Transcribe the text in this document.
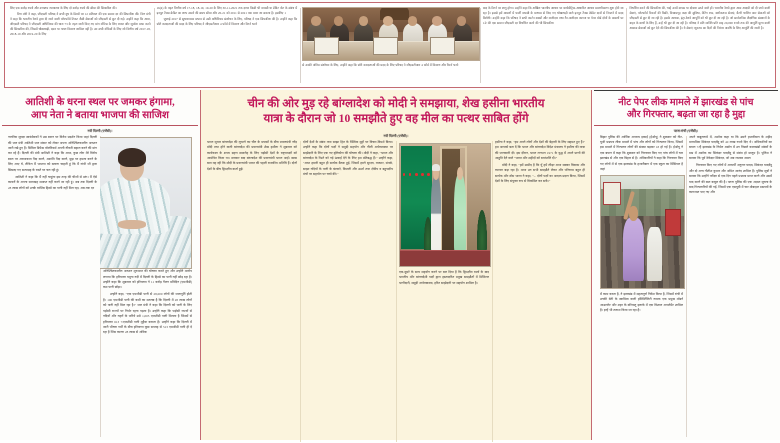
लिए एक करोड़ रुपये और उच्चतम न्यायालय के लिए दो करोड़ रुपये की सीमा की सिफारिश की।

वित्त मंत्री ने कहा, जीएसटी परिषद ने सभी दूध के डिब्बों पर 12 प्रतिशत की एक समान दर की सिफारिश की। वित्त मंत्री ने कहा कि भारतीय रेलवे द्वारा दी जाने वाली प्लेटफॉर्म टिकट जैसी सेवाओं को जीएसटी से छूट दी गई। उन्होंने कहा कि आज, जीएसटी परिषद ने जीएसटी अधिनियम की धारा 73 के तहत जारी किए गए मांग नोटिस के लिए ब्याज और जुर्माना माफ करने की सिफारिश की, जिसमें धोखाधड़ी, दमन या गलत विवरण शामिल नहीं है। उन सभी नोटिसों के लिए जो वित्तीय वर्ष 2017-18, 2018-19 और 2019-20 के लिए

16(4) के तहत वित्तीय वर्ष 17-18, 18-19, 19-20 के लिए 30-11-2021 तक दायर किसी भी वापसी या डेबिट नोट के संबंध में इनपुट टैक्स क्रेडिट का लाभ उठाने की समय सीमा और 20-21 को 2011 से 2021 तक माना जा सकता है। इसलिए 1

जुलाई 2017 से सुधारात्मक प्रभाव से उसी अधिनियम संशोधन के लिए, परिषद ने एक सिफारिश की है। उन्होंने कहा कि छोटे करदाताओं की मदद के लिए परिषद ने जीएसटीआर 4 फॉर्म में विवरण और रिटर्न भरने

से उनकी अंतिम संशोधन के लिए, उन्होंने कहा कि छोटे करदाताओं की मदद के लिए परिषद ने जीएसटीआर 4 फॉर्म में विवरण और रिटर्न भरने

बाद के रिटर्न पर लागू होगा। उन्होंने कहा कि अखिल भारतीय आधार पर बायोमेट्रिक-आधारित आधार प्रमाणीकरण शुरू होने जा रहा है। इससे हमें मामलों में फर्जी वापसी के माध्यम से किए गए धोखाधड़ी वाले इनपुट टैक्स क्रेडिट दावों से निपटने में मदद मिलेगी। उन्होंने कहा कि परिषद ने सभी कार्टन बक्सों और नालीदार तथा गैर-नालीदार कागज या पेपर बोर्ड दोनों के मामलों पर 12ः की एक समान जीएसटी दर निर्धारित करने की भी सिफारिश

निर्धारित करने की सिफारिश की, चाहे उनमें वापस या दोबारा उठने वाले हों। भारतीय रेलवे द्वारा आम आदमी को दी जाने वाली सेवाएं, प्लेटफॉर्म टिकटों की बिक्री, विश्रामगृह कक्ष की सुविधा, वेटिंग रूम, क्लॉकरूम सेवाएं, बैटरी चालित कार सेवाओं को जीएसटी से छूट दी जा रही है। इसके अलावा, इंट्रा-रेलवे आपूर्ति को भी छूट दी जा रही है। जो सार्वजनिक शैक्षणिक संस्थानों के बाहर के छात्रों के लिए हैं, उन्हें भी छूट दी जा रही है। परिषद ने प्रति व्यक्ति प्रति माह 20,000 रुपये तक की आपूर्ति मूल्य वाली आवास सेवाओं को छूट देने की सिफारिश की है। ये सेवाएं न्यूनतम 90 दिनों की निरंतर अवधि के लिए आपूर्ति की जानी है।

आतिशी के धरना स्थल पर जमकर हंगामा,
आप नेता ने बताया भाजपा की साजिश
नयी दिल्ली (एजेंसी)।

नागरिक सुरक्षा स्वयंसेवकों ने उस स्थान पर विरोध प्रदर्शन किया जहां दिल्ली की जल मंत्री आतिशी जल संकट को लेकर अपना अनिश्चितकालीन अनशन जारी रखे हुए हैं। सिविल डिफेंस वॉलंटियर्स अपनी नौकरी बहाल करने की मांग कर रहे हैं। दिल्ली की मंत्री आतिशी ने कहा कि आज, कुछ लोग मेरे विरोध स्थल पर अराजकता पैदा करने, अशांति पैदा करने, मुझ पर हमला करने के लिए आए थे, लेकिन मैं भाजपा को बताना चाहती हूं कि मैं गांधी जी द्वारा सिखाए गए सत्याग्रह के रास्ते पर चल रही हूं।

आतिशी ने कहा कि मैं नहीं चाहूंगा इस तरह की चीजों से डरूं। मैं ऐसे कायरों के अपना सत्याग्रह समाप्त नहीं करने जा रही हूं। अब तक दिल्ली के 28 लाख लोगों को उनके वाजिब हिस्से का पानी नहीं मिल रहा, अब तक दर

अनिश्चितकालीन अनशन शुरुआत की घोषणा करते हुए और उन्होंने आरोप लगाया कि हरियाणा यमुना नदी में दिल्ली के हिस्से का पानी नहीं छोड़ रहा है। उन्होंने कहा कि शुक्रवार को हरियाणा ने 11 करोड़ गैलन प्रतिदिन (एमजीडी) कम पानी छोड़ा।

उन्होंने कहा, "एक एमजीडी पानी से 28,000 लोगों की जलापूर्ति होती है। 100 एमजीडी पानी की कमी का मतलब है कि दिल्ली में 28 लाख लोगों को पानी नहीं मिल रहा है।" जल मंत्री ने कहा कि दिल्ली को पानी के लिए पड़ोसी राज्यों पर निर्भर रहना पड़ता है। उन्होंने कहा कि पड़ोसी राज्यों से नदियों और नहरों के जरिये उसे 1,005 एमजीडी पानी मिलता है जिसमें से हरियाणा 613 ?/एमजीडी पानी मुहैया कराता है। उन्होंने कहा कि दिल्ली में जारी भीषण गर्मी के बीच हरियाणा कुछ सप्ताह से 513 एमजीडी पानी ही दे रहा है जिस कारण 28 लाख से अधिक

चीन की ओर मुड़ रहे बांग्लादेश को मोदी ने समझाया, शेख हसीना भारतीय
यात्रा के दौरान जो 10 समझौते हुए वह मील का पत्थर साबित होंगे
नयी दिल्ली (एजेंसी)।

भारत सुधार बांग्लादेश की लुभाने का चीन के प्रयासों के बीच प्रधानमंत्री नरेंद्र मोदी तथा होने वाली बांग्लादेश की प्रधानमंत्री शेख हसीना ने शुक्रवार को कार्यकाल के शपथ ग्रहण समारोह के लिए पड़ोसी देशों के राष्ट्राध्यक्षों को आमंत्रित किया था। सरकार बाद बांग्लादेश की प्रधानमंत्री भारत आईं। खास बात यह रही कि मोदी के प्रधानमंत्री भारत की पहली राजकीय अतिथि हैं। दोनों देशों के बीच द्विपक्षीय वार्ता हुई।

दोनों देशों के संबंध तथा साझा हित के वैश्विक मुद्दों पर विचार-विमर्श किया। उन्होंने कहा कि दोनों पक्षों ने समुद्री सहयोग और नीली अर्थव्यवस्था पर साझेदारी के लिए एक नए दृष्टिकोण की घोषणा की। मोदी ने कहा, "भारत और बांग्लादेश के रिश्ते को नई ऊंचाई देने के लिए हम प्रतिबद्ध हैं।" उन्होंने कहा, "आज हमारी बहुत ही सार्थक बैठक हुई, जिसमें हमने सुरक्षा, व्यापार, संपर्क, साझा नदियों के पानी के बंटवारे, बिजली और ऊर्जा तथा क्षेत्रीय व बहुपक्षीय मंचों पर सहयोग पर चर्चा की।"

एक-दूसरे के साथ सहयोग करने पर बल दिया है कि द्विपक्षीय वार्ता के बाद भारतीय और बांग्लादेशी पक्षों द्वारा हस्ताक्षरित प्रमुख समझौतों में डिजिटल भागीदारी, समुद्री अर्थव्यवस्था, हरित साझेदारी पर सहयोग शामिल है।

हसीना ने कहा, "हम अपने लोगों और देशों की बेहतरी के लिए सहमत हुए हैं।" हम आपको बता दें कि भारत और बांग्लादेश विदेश मंत्रालय ने हसीना की यात्रा की जानकारी दी। इस दौरान, भारत लगभग 1971 के युद्ध में अपने प्राणों की आहुति देने वाले "भारत और शहीदों को बधांजलि दी।"

मोदी ने कहा, "हमें उम्मीद है कि यूँ हमें लीड़र आज सबका विकास और व्यापार बढ़ा रहा है। आज उन सभी समझौते लेकर और परिणाम बहुत ही सार्थक और ठोस भारत ने कहा, "... दोनों पक्षों का आदान-प्रदान किया, जिसमें देशों के लिए संयुक्त रूप से विकसित कर सकें।"

नीट पेपर लीक मामले में झारखंड से पांच
और गिरफ्तार, बढ़ता जा रहा है मुद्दा
पटना/रांची (एजेंसी)।

बिहार पुलिस की आर्थिक अपराध इकाई (ईओयू) ने शुक्रवार को नीट-यूजी प्रश्नपत्र लीक मामले में पांच और लोगों को गिरफ्तार किया, जिसमें इस मामले में गिरफ्तार लोगों की संख्या बढ़कर 18 हो गई है। ईओयू ने एक बयान में कहा कि शुक्रवार को गिरफ्तार किए गए पांच लोगों में चार झारखंड से और एक बिहार से है। अधिकारियों ने कहा कि गिरफ्तार किए गए लोगों में से एक झारखंड के हजारीबाग में एक स्कूल का प्रिंसिपल है जहां

में काम करता है, ने झारखंड में महत्वपूर्ण निवेश किया है, जिसमें रांची में उनकी बेटी के स्वामित्व वाली हॉस्पिटैलिटी नामक एक प्रमुख मॉडर्न आउटलेट और शहर के बरियातू इलाके में एक विशाल अपार्टमेंट शामिल है। इन्हें भी तलाश किया जा रहा है।

अपने कबूलनामे में, अशोक कहा था कि उसने हजारीबाग के शहीद माध्यमिक सिकंदर यादवेंदु को 40 लाख रुपये दिए थे। अधिकारियों का बयान ??है झारखंड के निर्मल अद्योग में उन पिछले कालखंडों संबंधों के प्रश्न में अशोक का सिकंदर यादवेंदु से संबंध हो मालूम है। पुलिस ने बताया कि पूर्व ठेकेदार सिकंदर, जो अब राजस्व अमल

गिरफ्तार किए गए लोगों में अभ्यर्थी अनुराग यादव, सिकंदर यादवेंदु और दो अन्य नीतीश कुमार और अमित आनंद शामिल हैं। पुलिस सूत्रों ने बताया कि उन्होंने परीक्षा से एक दिन पहले प्रश्नपत्र प्राप्त करने और उसमें याद करने की बात कबूल की है। पटना पुलिस की एक अज्ञात सूचना के बाद गिरफ्तारियों की गईं, जिसमें एक एसयूवी में चार मोबाइल प्रश्नपत्रों के कागजात पाए गए और
